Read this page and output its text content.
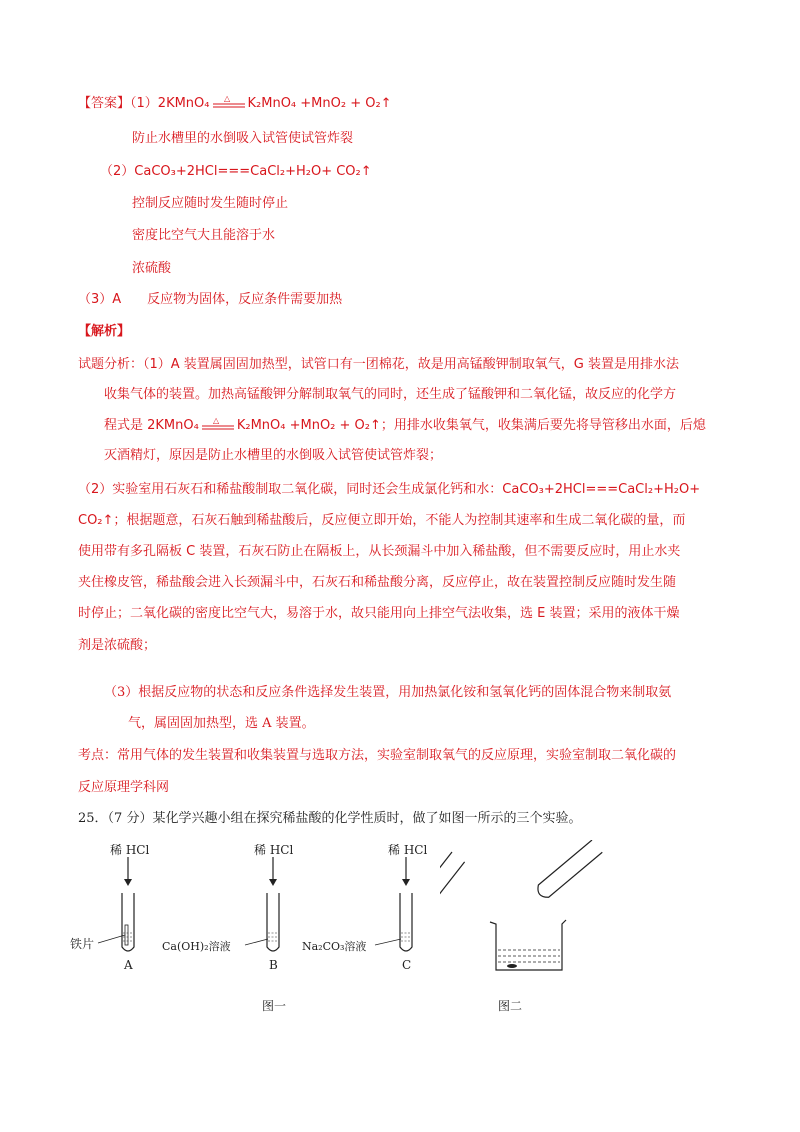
【答案】（1）2KMnO₄ △ K₂MnO₄ +MnO₂ + O₂↑
防止水槽里的水倒吸入试管使试管炸裂
（2）CaCO₃+2HCl===CaCl₂+H₂O+ CO₂↑
控制反应随时发生随时停止
密度比空气大且能溶于水
浓硫酸
（3）A　　反应物为固体，反应条件需要加热
【解析】
试题分析：（1）A 装置属固固加热型，试管口有一团棉花，故是用高锰酸钾制取氧气，G 装置是用排水法
收集气体的装置。加热高锰酸钾分解制取氧气的同时，还生成了锰酸钾和二氧化锰，故反应的化学方
程式是 2KMnO₄ △ K₂MnO₄ +MnO₂ + O₂↑；用排水收集氧气，收集满后要先将导管移出水面，后熄
灭酒精灯，原因是防止水槽里的水倒吸入试管使试管炸裂；
（2）实验室用石灰石和稀盐酸制取二氧化碳，同时还会生成氯化钙和水：CaCO₃+2HCl===CaCl₂+H₂O+
CO₂↑；根据题意，石灰石触到稀盐酸后，反应便立即开始，不能人为控制其速率和生成二氧化碳的量，而
使用带有多孔隔板 C 装置，石灰石防止在隔板上，从长颈漏斗中加入稀盐酸，但不需要反应时，用止水夹
夹住橡皮管，稀盐酸会进入长颈漏斗中，石灰石和稀盐酸分离，反应停止，故在装置控制反应随时发生随
时停止；二氧化碳的密度比空气大，易溶于水，故只能用向上排空气法收集，选 E 装置；采用的液体干燥
剂是浓硫酸；
（3）根据反应物的状态和反应条件选择发生装置，用加热氯化铵和氢氧化钙的固体混合物来制取氨
气，属固固加热型，选 A 装置。
考点：常用气体的发生装置和收集装置与选取方法，实验室制取氧气的反应原理，实验室制取二氧化碳的
反应原理学科网
25．（7 分）某化学兴趣小组在探究稀盐酸的化学性质时，做了如图一所示的三个实验。
稀 HCl	稀 HCl	稀 HCl
铁片	Ca(OH)₂溶液	Na₂CO₃溶液
A	B	C
图一	图二
